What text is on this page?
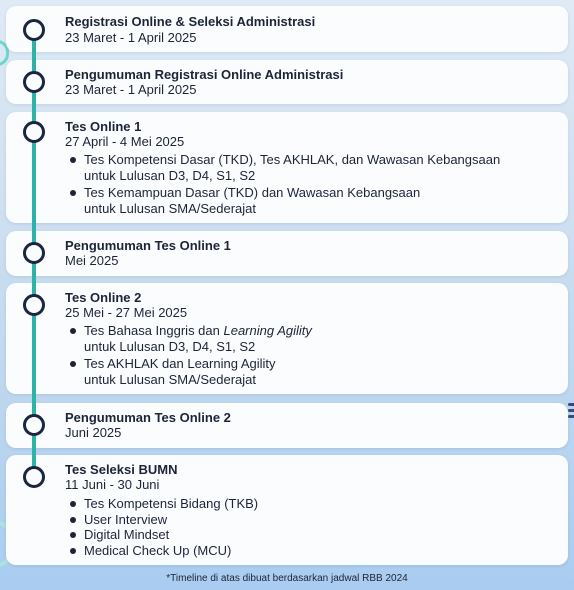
Registrasi Online & Seleksi Administrasi
23 Maret - 1 April 2025
Pengumuman Registrasi Online Administrasi
23 Maret - 1 April 2025
Tes Online 1
27 April - 4 Mei 2025
Tes Kompetensi Dasar (TKD), Tes AKHLAK, dan Wawasan Kebangsaan
untuk Lulusan D3, D4, S1, S2
Tes Kemampuan Dasar (TKD) dan Wawasan Kebangsaan
untuk Lulusan SMA/Sederajat
Pengumuman Tes Online 1
Mei 2025
Tes Online 2
25 Mei - 27 Mei 2025
Tes Bahasa Inggris dan Learning Agility
untuk Lulusan D3, D4, S1, S2
Tes AKHLAK dan Learning Agility
untuk Lulusan SMA/Sederajat
Pengumuman Tes Online 2
Juni 2025
Tes Seleksi BUMN
11 Juni - 30 Juni
Tes Kompetensi Bidang (TKB)
User Interview
Digital Mindset
Medical Check Up (MCU)
*Timeline di atas dibuat berdasarkan jadwal RBB 2024
